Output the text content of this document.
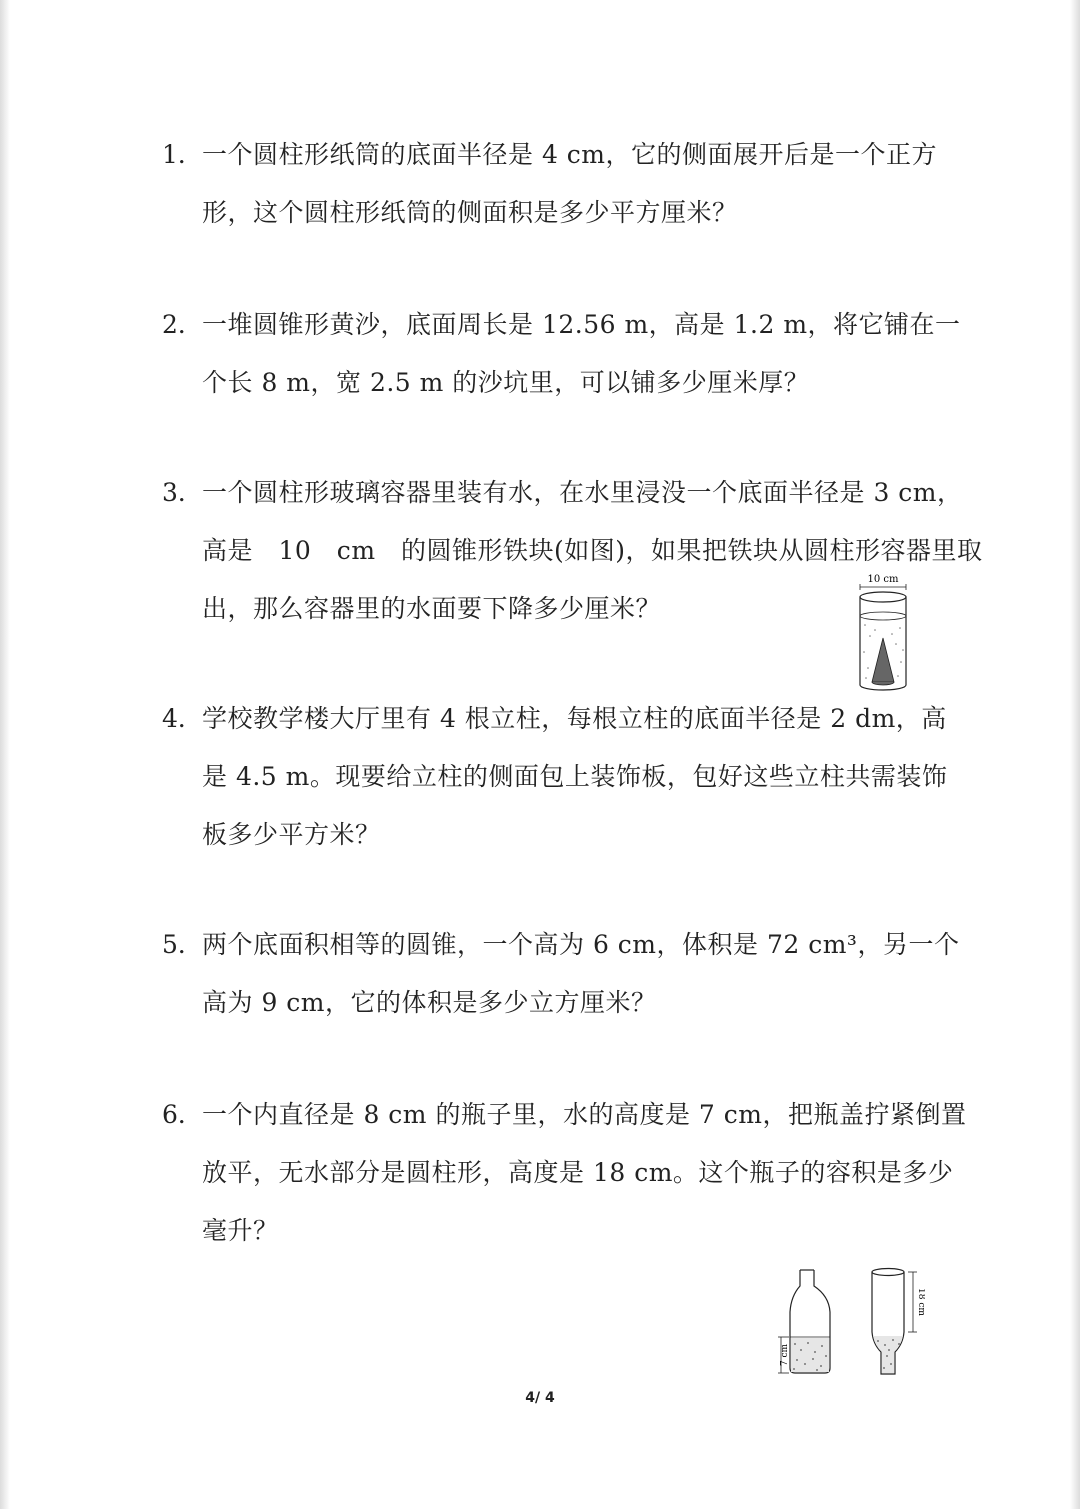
1． 一个圆柱形纸筒的底面半径是 4 cm，它的侧面展开后是一个正方
形，这个圆柱形纸筒的侧面积是多少平方厘米？
2． 一堆圆锥形黄沙，底面周长是 12.56 m，高是 1.2 m，将它铺在一
个长 8 m，宽 2.5 m 的沙坑里，可以铺多少厘米厚？
3． 一个圆柱形玻璃容器里装有水，在水里浸没一个底面半径是 3 cm，
高是　10　cm　的圆锥形铁块(如图)，如果把铁块从圆柱形容器里取
出，那么容器里的水面要下降多少厘米？
10 cm
4． 学校教学楼大厅里有 4 根立柱，每根立柱的底面半径是 2 dm，高
是 4.5 m。现要给立柱的侧面包上装饰板，包好这些立柱共需装饰
板多少平方米？
5． 两个底面积相等的圆锥，一个高为 6 cm，体积是 72 cm³，另一个
高为 9 cm，它的体积是多少立方厘米？
6． 一个内直径是 8 cm 的瓶子里，水的高度是 7 cm，把瓶盖拧紧倒置
放平，无水部分是圆柱形，高度是 18 cm。这个瓶子的容积是多少
毫升？
7 cm
18 cm
4/ 4
